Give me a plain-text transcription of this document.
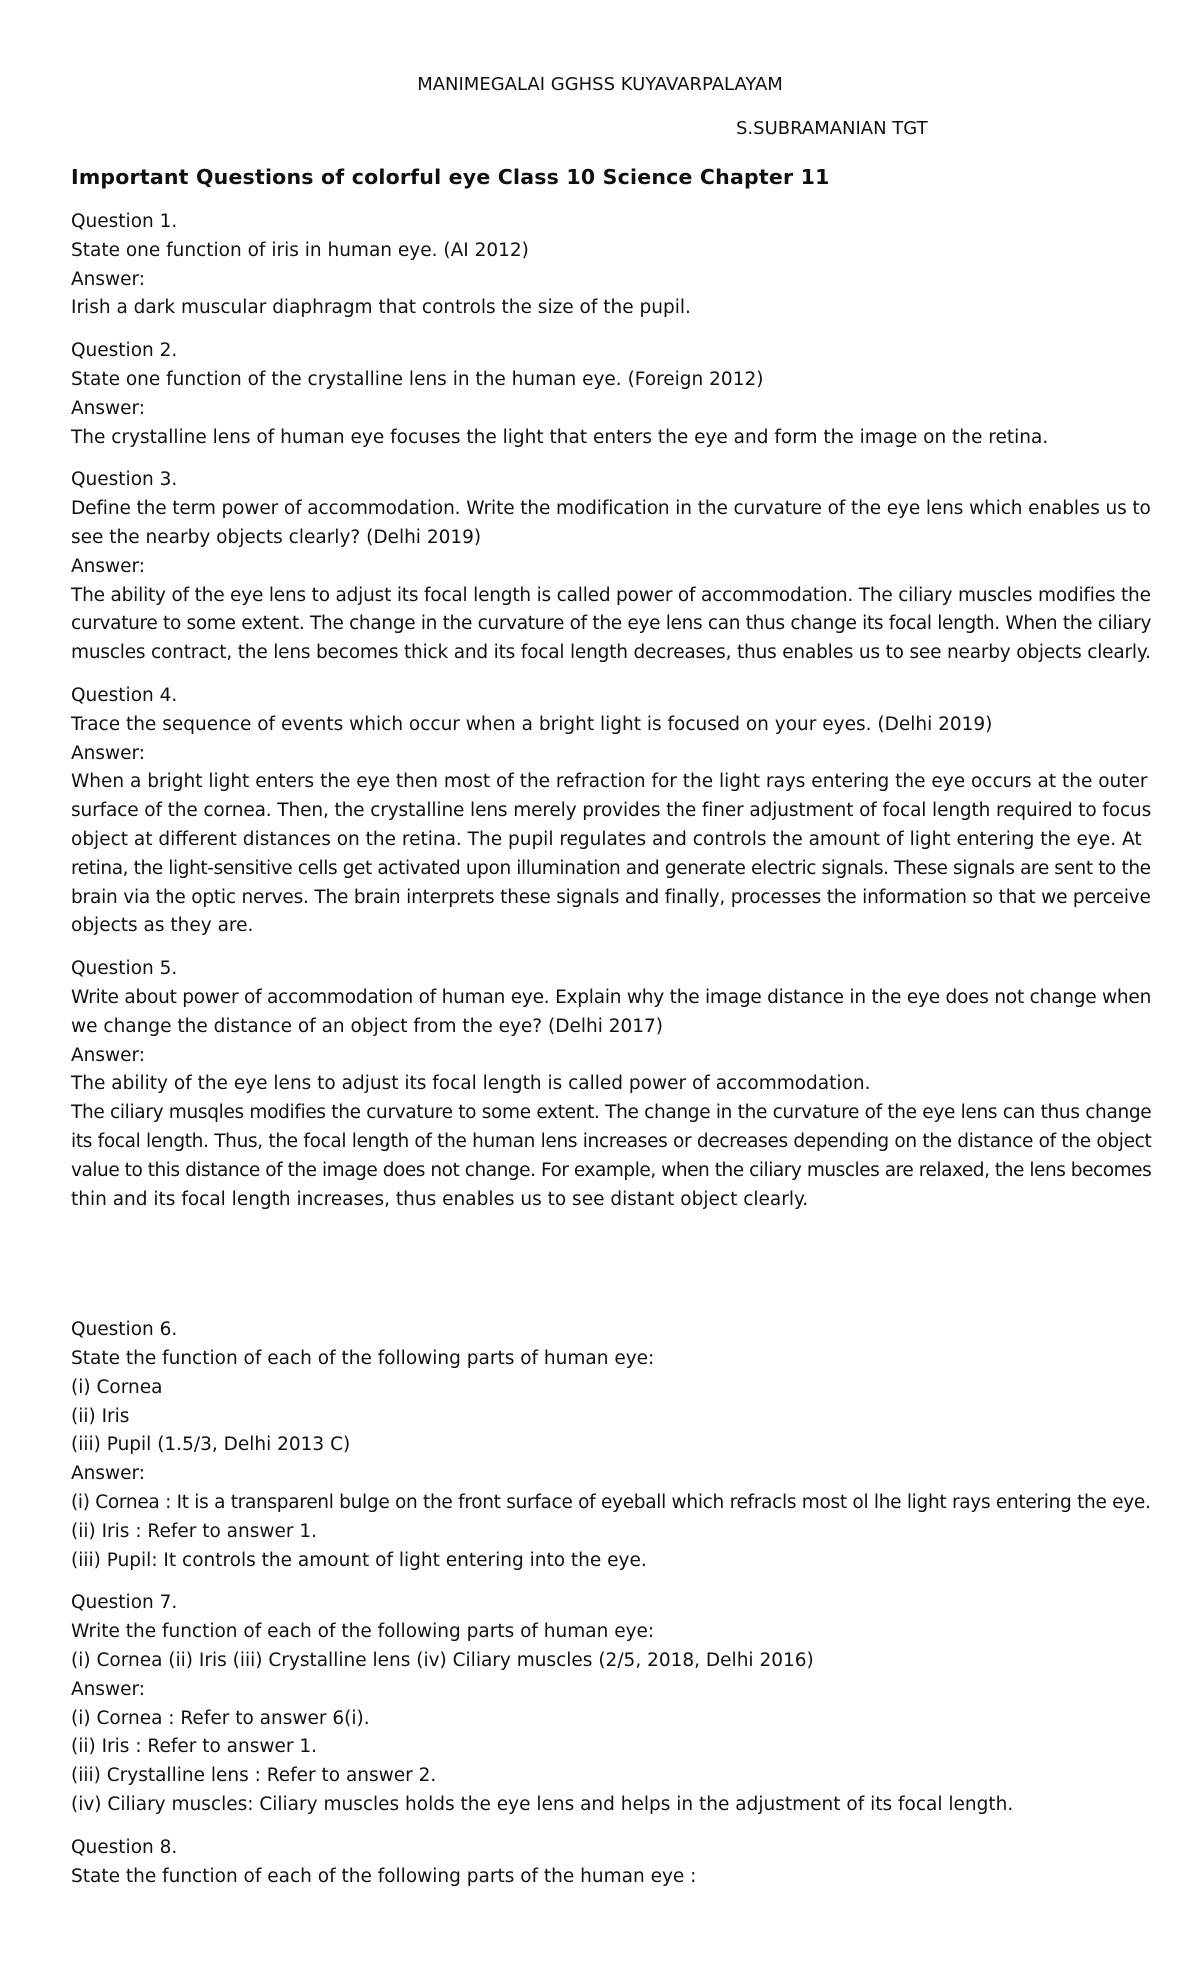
MANIMEGALAI GGHSS KUYAVARPALAYAM
S.SUBRAMANIAN TGT
Important Questions of colorful eye Class 10 Science Chapter 11

Question 1.

State one function of iris in human eye. (AI 2012)

Answer:

Irish a dark muscular diaphragm that controls the size of the pupil.

Question 2.

State one function of the crystalline lens in the human eye. (Foreign 2012)

Answer:

The crystalline lens of human eye focuses the light that enters the eye and form the image on the retina.

Question 3.

Define the term power of accommodation. Write the modification in the curvature of the eye lens which enables us to

see the nearby objects clearly? (Delhi 2019)

Answer:

The ability of the eye lens to adjust its focal length is called power of accommodation. The ciliary muscles modifies the

curvature to some extent. The change in the curvature of the eye lens can thus change its focal length. When the ciliary

muscles contract, the lens becomes thick and its focal length decreases, thus enables us to see nearby objects clearly.

Question 4.

Trace the sequence of events which occur when a bright light is focused on your eyes. (Delhi 2019)

Answer:

When a bright light enters the eye then most of the refraction for the light rays entering the eye occurs at the outer

surface of the cornea. Then, the crystalline lens merely provides the finer adjustment of focal length required to focus

object at different distances on the retina. The pupil regulates and controls the amount of light entering the eye. At

retina, the light-sensitive cells get activated upon illumination and generate electric signals. These signals are sent to the

brain via the optic nerves. The brain interprets these signals and finally, processes the information so that we perceive

objects as they are.

Question 5.

Write about power of accommodation of human eye. Explain why the image distance in the eye does not change when

we change the distance of an object from the eye? (Delhi 2017)

Answer:

The ability of the eye lens to adjust its focal length is called power of accommodation.

The ciliary musqles modifies the curvature to some extent. The change in the curvature of the eye lens can thus change

its focal length. Thus, the focal length of the human lens increases or decreases depending on the distance of the object

value to this distance of the image does not change. For example, when the ciliary muscles are relaxed, the lens becomes

thin and its focal length increases, thus enables us to see distant object clearly.

Question 6.

State the function of each of the following parts of human eye:

(i) Cornea

(ii) Iris

(iii) Pupil (1.5/3, Delhi 2013 C)

Answer:

(i) Cornea : It is a transparenl bulge on the front surface of eyeball which refracls most ol lhe light rays entering the eye.

(ii) Iris : Refer to answer 1.

(iii) Pupil: It controls the amount of light entering into the eye.

Question 7.

Write the function of each of the following parts of human eye:

(i) Cornea (ii) Iris (iii) Crystalline lens (iv) Ciliary muscles (2/5, 2018, Delhi 2016)

Answer:

(i) Cornea : Refer to answer 6(i).

(ii) Iris : Refer to answer 1.

(iii) Crystalline lens : Refer to answer 2.

(iv) Ciliary muscles: Ciliary muscles holds the eye lens and helps in the adjustment of its focal length.

Question 8.

State the function of each of the following parts of the human eye :
